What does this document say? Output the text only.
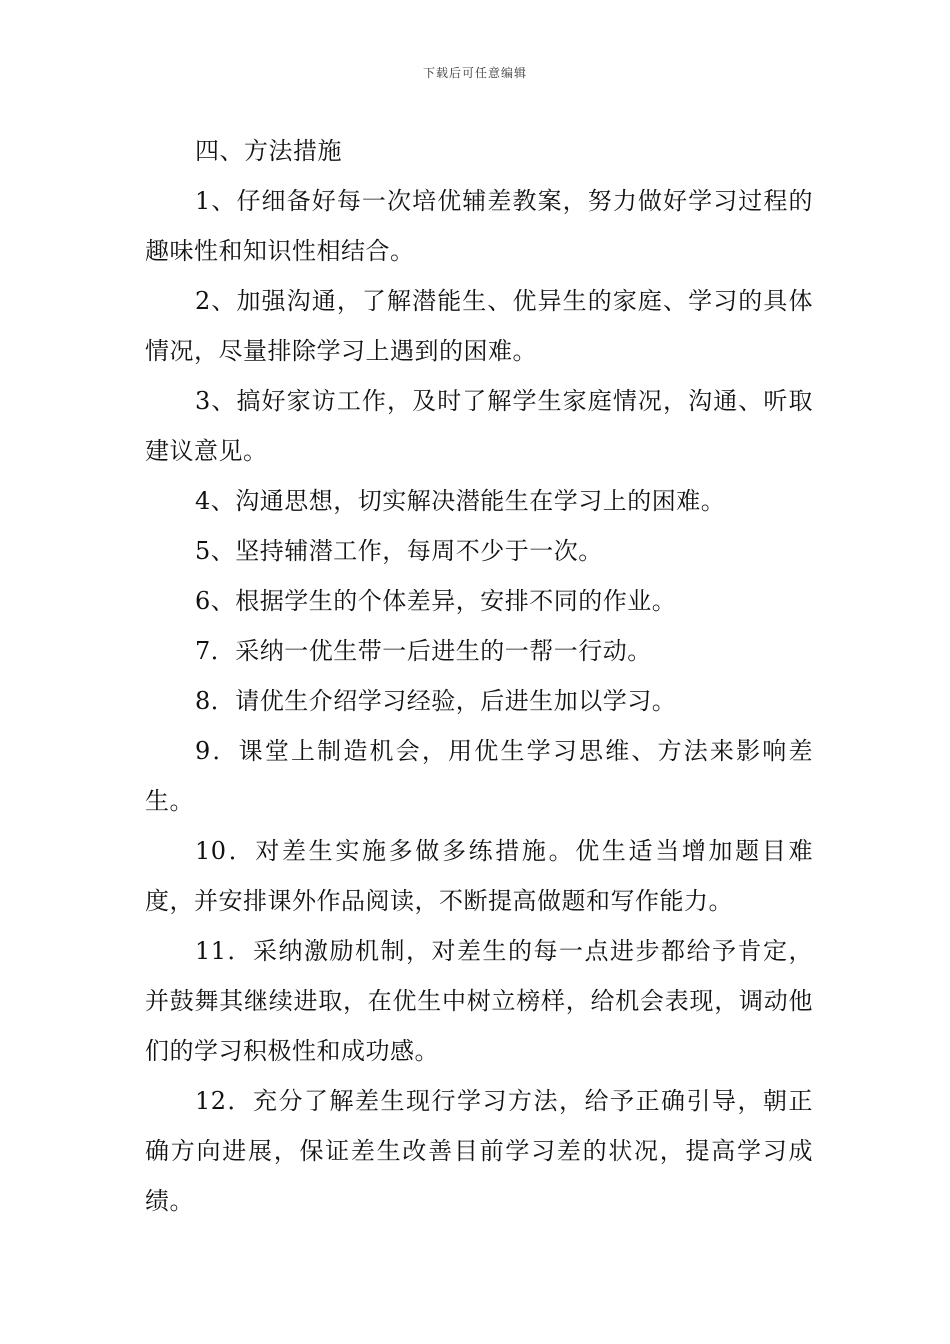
下载后可任意编辑

四、方法措施

1、仔细备好每一次培优辅差教案，努力做好学习过程的趣味性和知识性相结合。

2、加强沟通，了解潜能生、优异生的家庭、学习的具体情况，尽量排除学习上遇到的困难。

3、搞好家访工作，及时了解学生家庭情况，沟通、听取建议意见。

4、沟通思想，切实解决潜能生在学习上的困难。

5、坚持辅潜工作，每周不少于一次。

6、根据学生的个体差异，安排不同的作业。

7．采纳一优生带一后进生的一帮一行动。

8．请优生介绍学习经验，后进生加以学习。

9．课堂上制造机会，用优生学习思维、方法来影响差生。

10．对差生实施多做多练措施。优生适当增加题目难度，并安排课外作品阅读，不断提高做题和写作能力。

11．采纳激励机制，对差生的每一点进步都给予肯定，并鼓舞其继续进取，在优生中树立榜样，给机会表现，调动他们的学习积极性和成功感。

12．充分了解差生现行学习方法，给予正确引导，朝正确方向进展，保证差生改善目前学习差的状况，提高学习成绩。
